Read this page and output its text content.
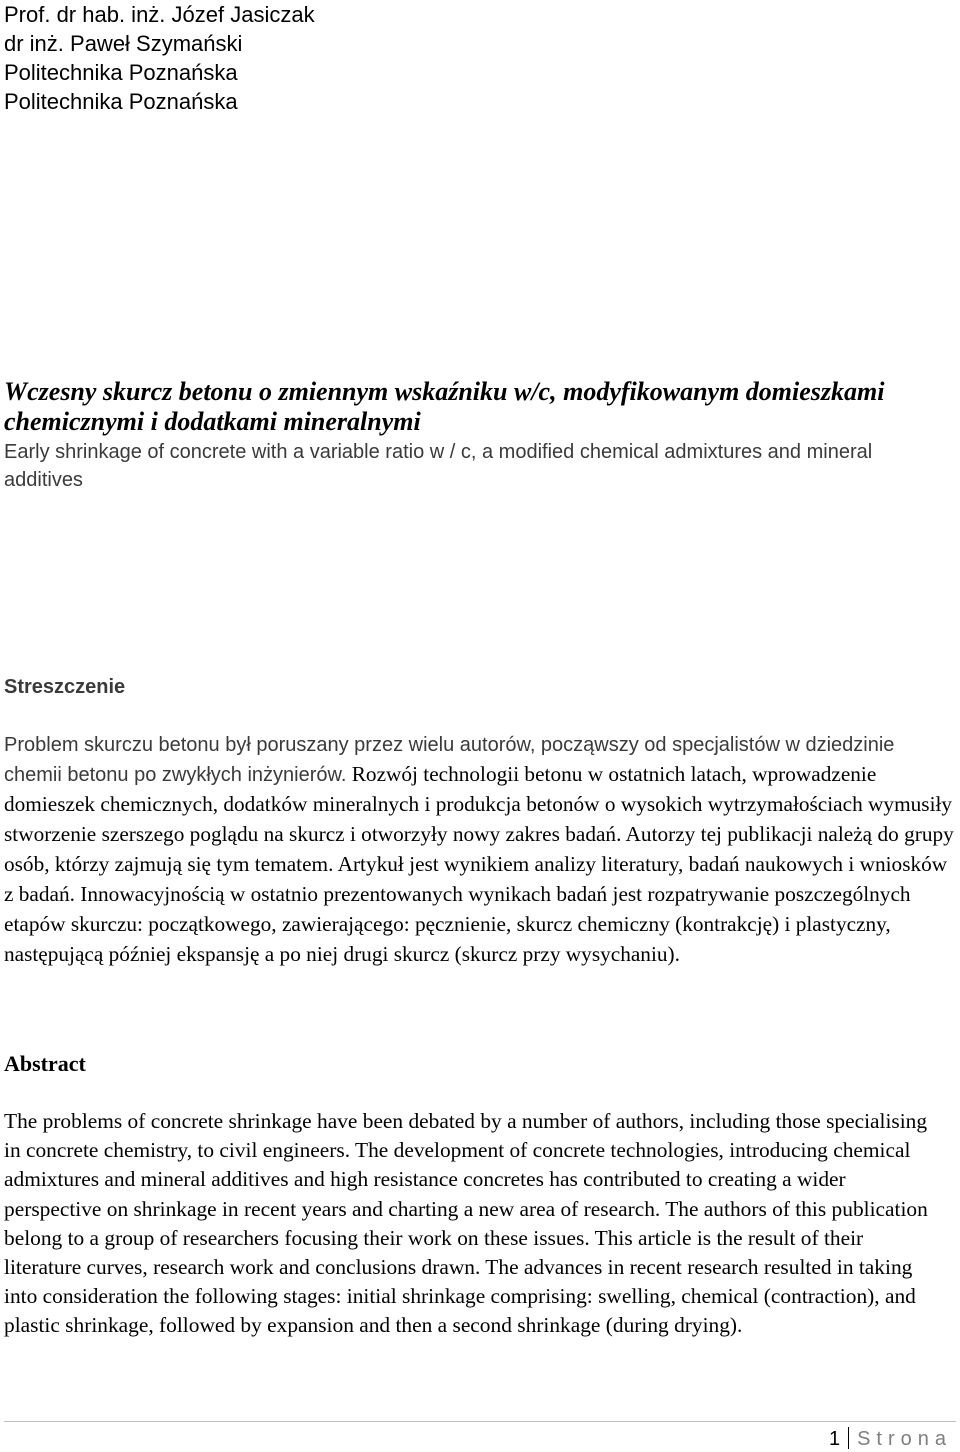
Prof. dr hab. inż. Józef Jasiczak
dr inż. Paweł Szymański
Politechnika Poznańska
Politechnika Poznańska
Wczesny skurcz betonu o zmiennym wskaźniku w/c, modyfikowanym domieszkami chemicznymi i dodatkami mineralnymi

Early shrinkage of concrete with a variable ratio w / c, a modified chemical admixtures and mineral additives

Streszczenie

Problem skurczu betonu był poruszany przez wielu autorów, począwszy od specjalistów w dziedzinie chemii betonu po zwykłych inżynierów. Rozwój technologii betonu w ostatnich latach, wprowadzenie domieszek chemicznych, dodatków mineralnych i produkcja betonów o wysokich wytrzymałościach wymusiły stworzenie szerszego poglądu na skurcz i otworzyły nowy zakres badań. Autorzy tej publikacji należą do grupy osób, którzy zajmują się tym tematem. Artykuł jest wynikiem analizy literatury, badań naukowych i wniosków z badań. Innowacyjnością w ostatnio prezentowanych wynikach badań jest rozpatrywanie poszczególnych etapów skurczu: początkowego, zawierającego: pęcznienie, skurcz chemiczny (kontrakcję) i plastyczny, następującą później ekspansję a po niej drugi skurcz (skurcz przy wysychaniu).

Abstract

The problems of concrete shrinkage have been debated by a number of authors, including those specialising in concrete chemistry, to civil engineers. The development of concrete technologies, introducing chemical admixtures and mineral additives and high resistance concretes has contributed to creating a wider perspective on shrinkage in recent years and charting a new area of research. The authors of this publication belong to a group of researchers focusing their work on these issues. This article is the result of their literature curves, research work and conclusions drawn. The advances in recent research resulted in taking into consideration the following stages: initial shrinkage comprising: swelling, chemical (contraction), and plastic shrinkage, followed by expansion and then a second shrinkage (during drying).

1 Strona
